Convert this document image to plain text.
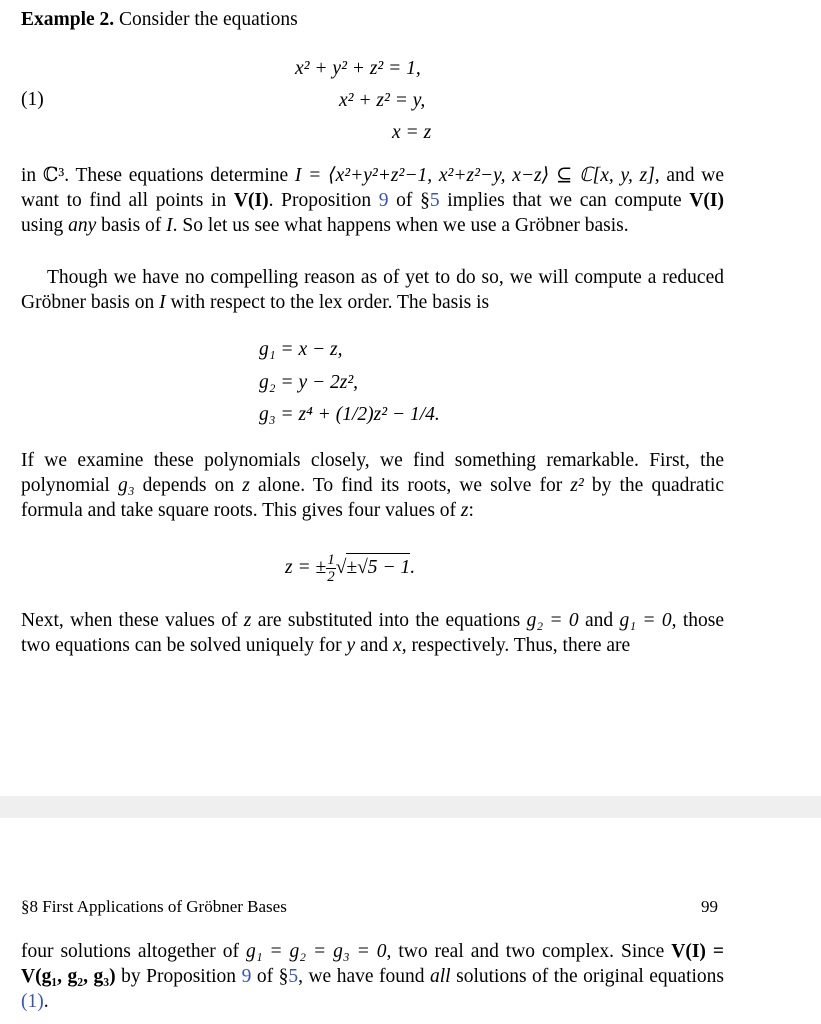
Example 2. Consider the equations
(1)
x² + y² + z² = 1,
x² + z² = y,
x = z
in ℂ³. These equations determine I = ⟨x²+y²+z²−1, x²+z²−y, x−z⟩ ⊆ ℂ[x, y, z], and we want to find all points in V(I). Proposition 9 of §5 implies that we can compute V(I) using any basis of I. So let us see what happens when we use a Gröbner basis.
Though we have no compelling reason as of yet to do so, we will compute a reduced Gröbner basis on I with respect to the lex order. The basis is
g₁ = x − z,
g₂ = y − 2z²,
g₃ = z⁴ + (1/2)z² − 1/4.
If we examine these polynomials closely, we find something remarkable. First, the polynomial g₃ depends on z alone. To find its roots, we solve for z² by the quadratic formula and take square roots. This gives four values of z:
z = ± $\frac{1}{2} √\pm√5 - 1$.
Next, when these values of z are substituted into the equations g₂ = 0 and g₁ = 0, those two equations can be solved uniquely for y and x, respectively. Thus, there are
§8 First Applications of Gröbner Bases	99
four solutions altogether of g₁ = g₂ = g₃ = 0, two real and two complex. Since V(I) = V(g₁, g₂, g₃) by Proposition 9 of §5, we have found all solutions of the original equations (1).
